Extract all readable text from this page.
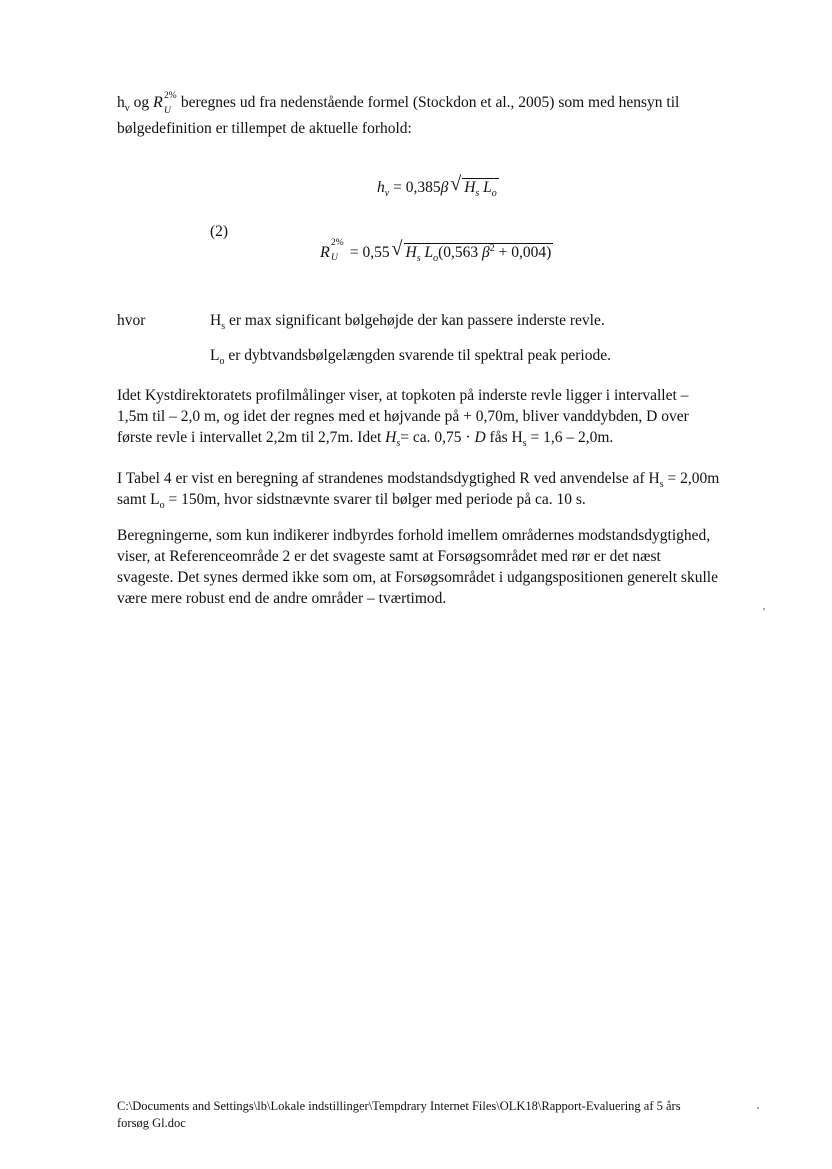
$h_v$ og R 2%
U beregnes ud fra nedenstående formel (Stockdon et al., 2005) som med hensyn til
bølgedefinition er tillempet de aktuelle forhold:
$h_v = 0,385\beta$ √ $H_s$ $L_o$
(2)
R
2%
U = 0,55 √ $H_s$ $L_o(0,563$ $\beta^2 + 0,004$)
hvor	$H_s$ er max significant bølgehøjde der kan passere inderste revle.
$L_o$ er dybtvandsbølgelængden svarende til spektral peak periode.
Idet Kystdirektoratets profilmålinger viser, at topkoten på inderste revle ligger i intervallet –
1,5m til – 2,0 m, og idet der regnes med et højvande på + 0,70m, bliver vanddybden, D over
første revle i intervallet 2,2m til 2,7m. Idet $H_s=$ ca. 0,75 · D fås $H_s = 1,6 - 2,0m$.
I Tabel 4 er vist en beregning af strandenes modstandsdygtighed R ved anvendelse af $H_s = 2,00m$
samt $L_o = 150m$, hvor sidstnævnte svarer til bølger med periode på ca. 10 s.
Beregningerne, som kun indikerer indbyrdes forhold imellem områdernes modstandsdygtighed,
viser, at Referenceområde 2 er det svageste samt at Forsøgsområdet med rør er det næst
svageste. Det synes dermed ikke som om, at Forsøgsområdet i udgangspositionen generelt skulle
være mere robust end de andre områder – tværtimod.
C:\Documents and Settings\lb\Lokale indstillinger\Tempdrary Internet Files\OLK18\Rapport-Evaluering af 5 års
forsøg Gl.doc
